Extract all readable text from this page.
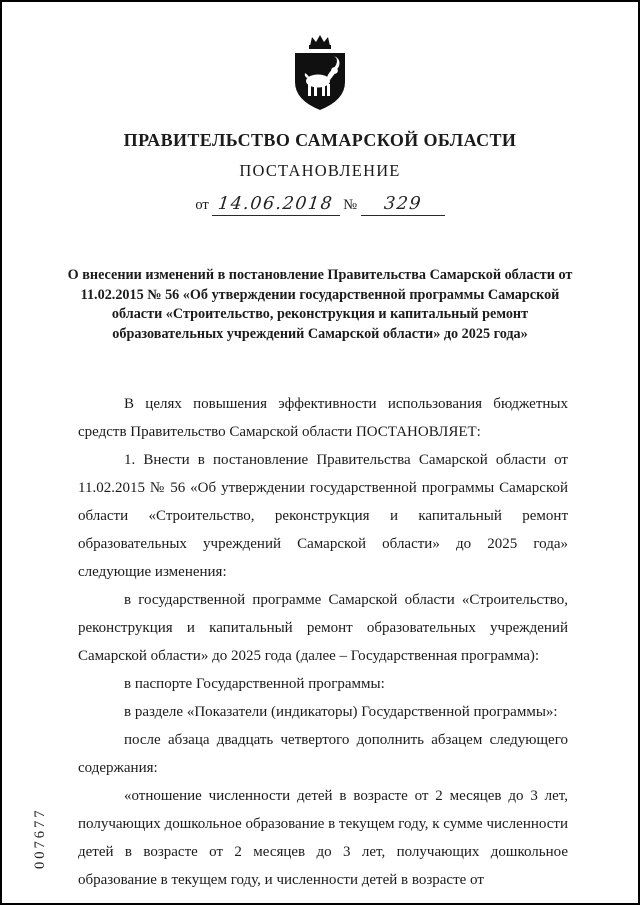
ПРАВИТЕЛЬСТВО САМАРСКОЙ ОБЛАСТИ
ПОСТАНОВЛЕНИЕ
от 14.06.2018 № 329
О внесении изменений в постановление Правительства Самарской области от 11.02.2015 № 56 «Об утверждении государственной программы Самарской области «Строительство, реконструкция и капитальный ремонт образовательных учреждений Самарской области» до 2025 года»

В целях повышения эффективности использования бюджетных средств Правительство Самарской области ПОСТАНОВЛЯЕТ:

1. Внести в постановление Правительства Самарской области от 11.02.2015 № 56 «Об утверждении государственной программы Самарской области «Строительство, реконструкция и капитальный ремонт образовательных учреждений Самарской области» до 2025 года» следующие изменения:

в государственной программе Самарской области «Строительство, реконструкция и капитальный ремонт образовательных учреждений Самарской области» до 2025 года (далее – Государственная программа):

в паспорте Государственной программы:

в разделе «Показатели (индикаторы) Государственной программы»:

после абзаца двадцать четвертого дополнить абзацем следующего содержания:

«отношение численности детей в возрасте от 2 месяцев до 3 лет, получающих дошкольное образование в текущем году, к сумме численности детей в возрасте от 2 месяцев до 3 лет, получающих дошкольное образование в текущем году, и численности детей в возрасте от

007677
